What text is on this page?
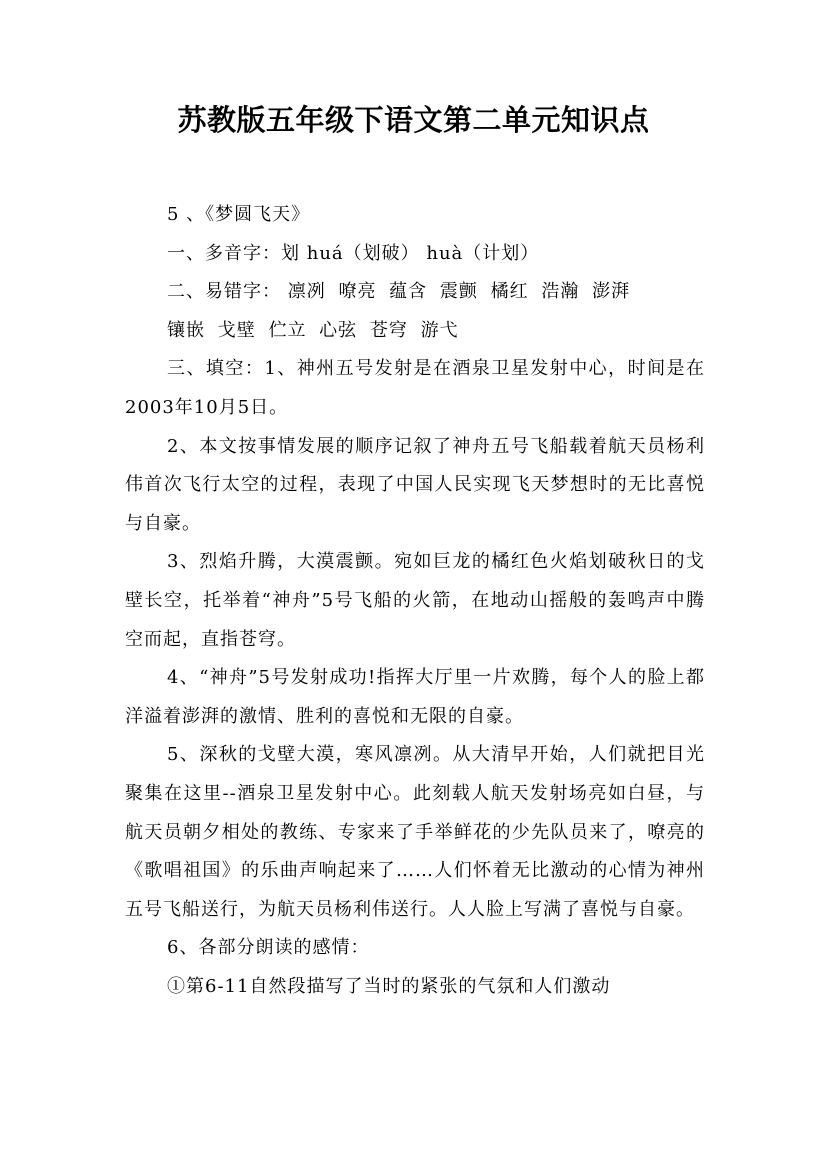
苏教版五年级下语文第二单元知识点

5 、《梦圆飞天》

一、多音字：划 huá（划破） huà（计划）

二、易错字： 凛冽 嘹亮 蕴含 震颤 橘红 浩瀚 澎湃

镶嵌 戈壁 伫立 心弦 苍穹 游弋

三、填空：1、神州五号发射是在酒泉卫星发射中心，时间是在2003年10月5日。

2、本文按事情发展的顺序记叙了神舟五号飞船载着航天员杨利伟首次飞行太空的过程，表现了中国人民实现飞天梦想时的无比喜悦与自豪。

3、烈焰升腾，大漠震颤。宛如巨龙的橘红色火焰划破秋日的戈壁长空，托举着“神舟”5号飞船的火箭，在地动山摇般的轰鸣声中腾空而起，直指苍穹。

4、“神舟”5号发射成功!指挥大厅里一片欢腾，每个人的脸上都洋溢着澎湃的激情、胜利的喜悦和无限的自豪。

5、深秋的戈壁大漠，寒风凛冽。从大清早开始，人们就把目光聚集在这里--酒泉卫星发射中心。此刻载人航天发射场亮如白昼，与航天员朝夕相处的教练、专家来了手举鲜花的少先队员来了，嘹亮的《歌唱祖国》的乐曲声响起来了……人们怀着无比激动的心情为神州五号飞船送行，为航天员杨利伟送行。人人脸上写满了喜悦与自豪。

6、各部分朗读的感情：

①第6-11自然段描写了当时的紧张的气氛和人们激动
